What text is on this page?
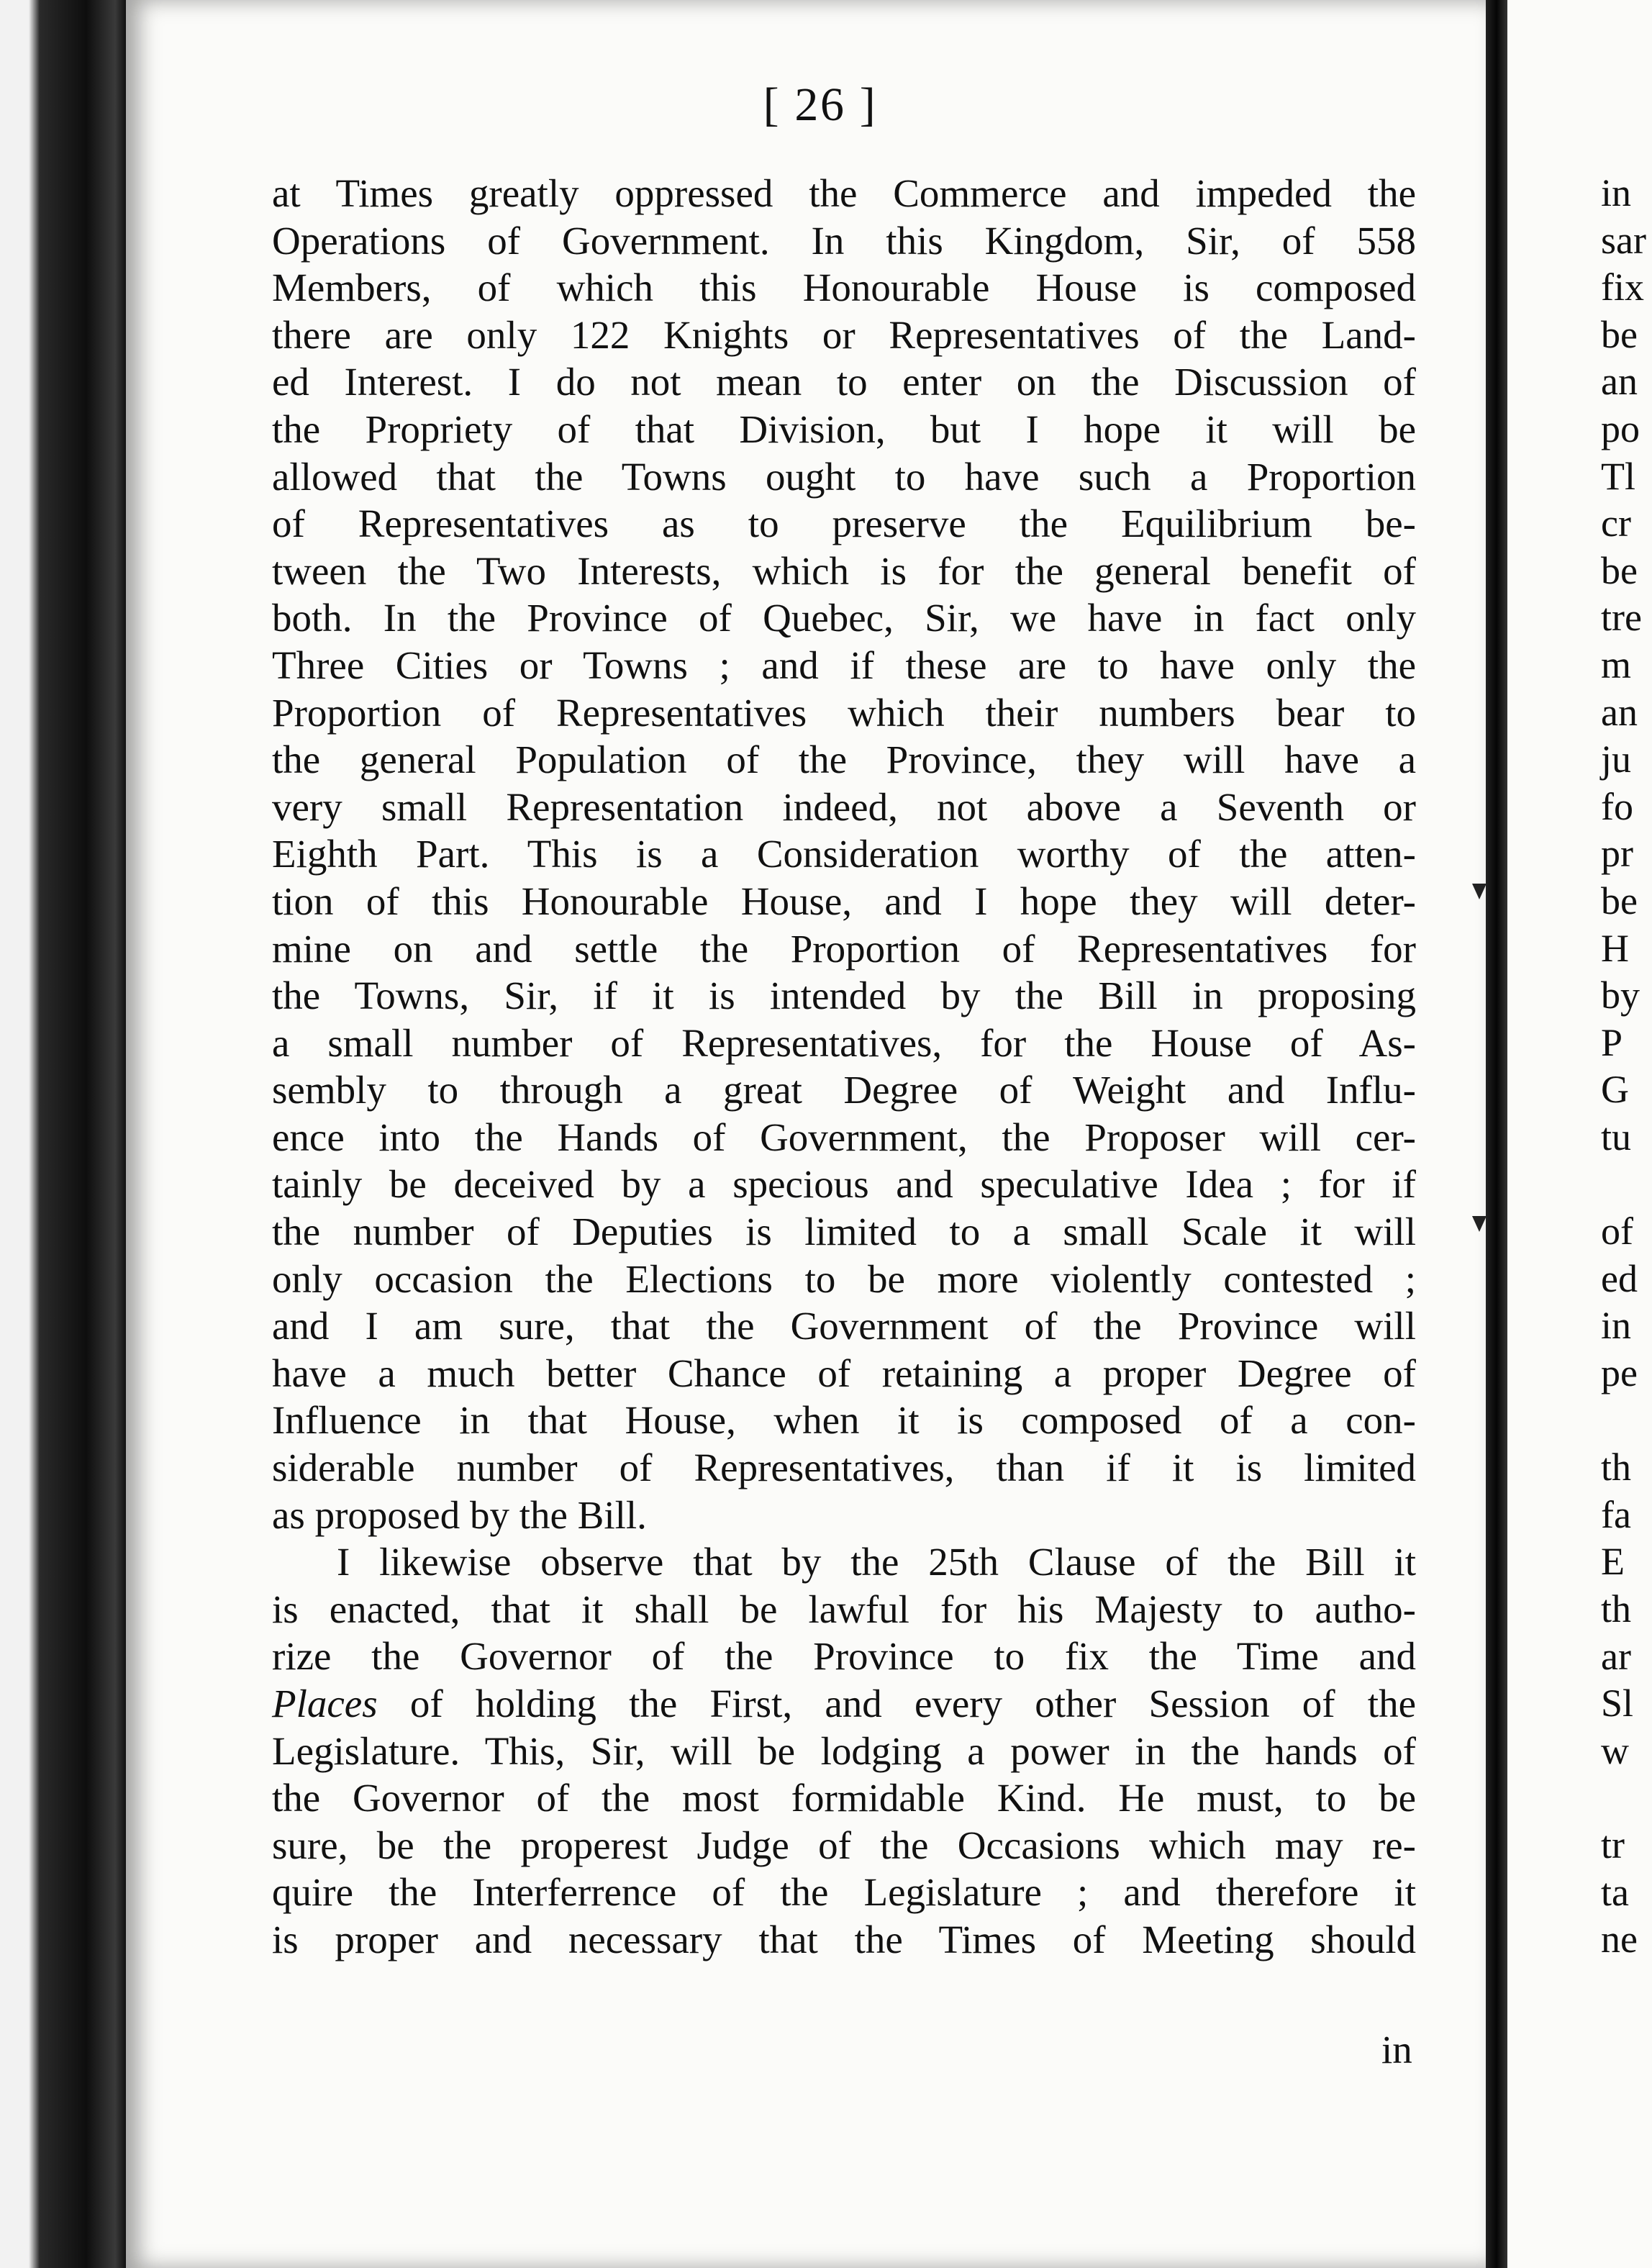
in
sar
fix
be
an
po
Tl
cr
be
tre
m
an
ju
fo
pr
be
H
by
P
G
tu
of
ed
in
pe
th
fa
E
th
ar
Sl
w
tr
ta
ne
[ 26 ]
at Times greatly oppressed the Commerce and impeded the
Operations of Government. In this Kingdom, Sir, of 558
Members, of which this Honourable House is composed
there are only 122 Knights or Representatives of the Land-
ed Interest. I do not mean to enter on the Discussion of
the Propriety of that Division, but I hope it will be
allowed that the Towns ought to have such a Proportion
of Representatives as to preserve the Equilibrium be-
tween the Two Interests, which is for the general benefit of
both. In the Province of Quebec, Sir, we have in fact only
Three Cities or Towns ; and if these are to have only the
Proportion of Representatives which their numbers bear to
the general Population of the Province, they will have a
very small Representation indeed, not above a Seventh or
Eighth Part. This is a Consideration worthy of the atten-
tion of this Honourable House, and I hope they will deter-
mine on and settle the Proportion of Representatives for
the Towns, Sir, if it is intended by the Bill in proposing
a small number of Representatives, for the House of As-
sembly to through a great Degree of Weight and Influ-
ence into the Hands of Government, the Proposer will cer-
tainly be deceived by a specious and speculative Idea ; for if
the number of Deputies is limited to a small Scale it will
only occasion the Elections to be more violently contested ;
and I am sure, that the Government of the Province will
have a much better Chance of retaining a proper Degree of
Influence in that House, when it is composed of a con-
siderable number of Representatives, than if it is limited
as proposed by the Bill.
I likewise observe that by the 25th Clause of the Bill it
is enacted, that it shall be lawful for his Majesty to autho-
rize the Governor of the Province to fix the Time and
Places of holding the First, and every other Session of the
Legislature. This, Sir, will be lodging a power in the hands of
the Governor of the most formidable Kind. He must, to be
sure, be the properest Judge of the Occasions which may re-
quire the Interferrence of the Legislature ; and therefore it
is proper and necessary that the Times of Meeting should
in
